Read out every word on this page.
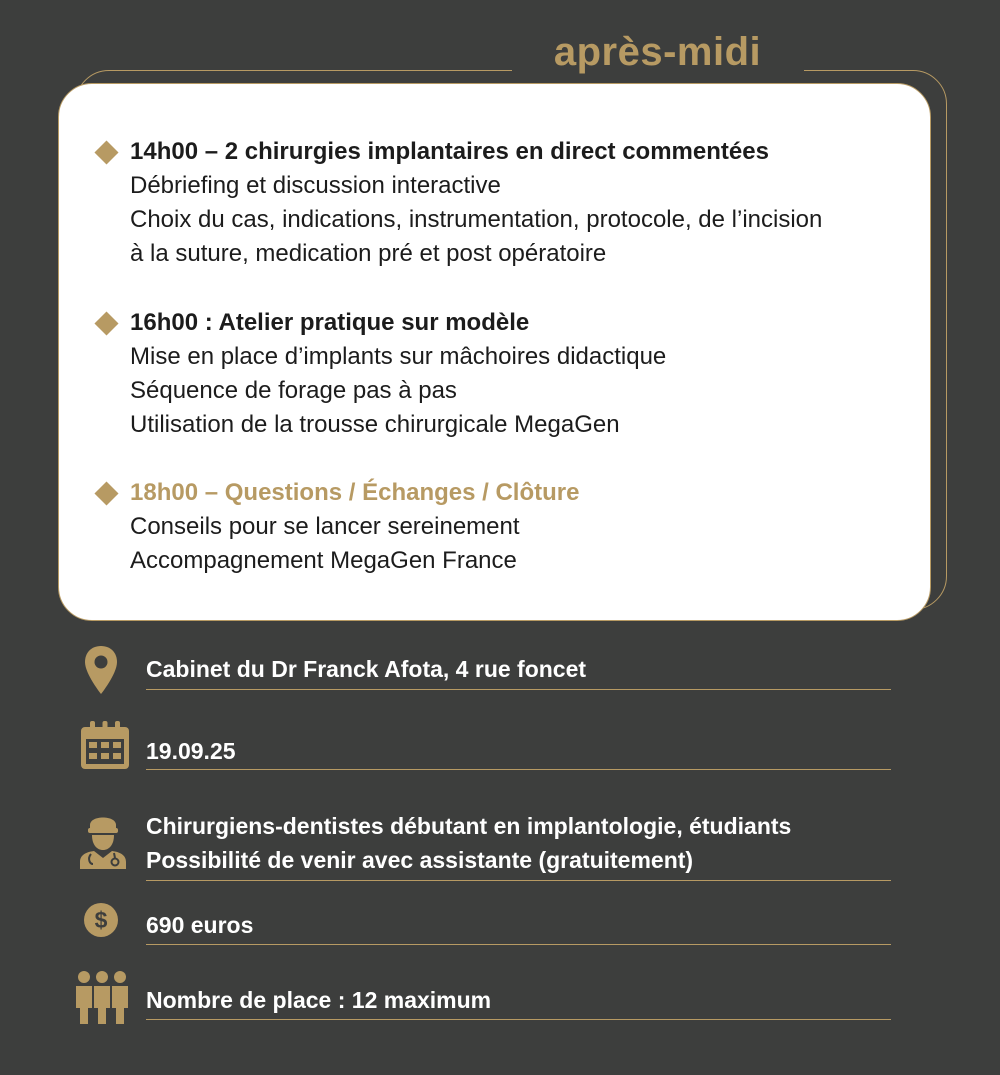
après-midi
14h00 – 2 chirurgies implantaires en direct commentées
Débriefing et discussion interactive
Choix du cas, indications, instrumentation, protocole, de l’incision
à la suture, medication pré et post opératoire
16h00 : Atelier pratique sur modèle
Mise en place d’implants sur mâchoires didactique
Séquence de forage pas à pas
Utilisation de la trousse chirurgicale MegaGen
18h00 – Questions / Échanges / Clôture
Conseils pour se lancer sereinement
Accompagnement MegaGen France
Cabinet du Dr Franck Afota, 4 rue foncet
19.09.25
Chirurgiens-dentistes débutant en implantologie, étudiants
Possibilité de venir avec assistante (gratuitement)
$ 690 euros
Nombre de place : 12 maximum
